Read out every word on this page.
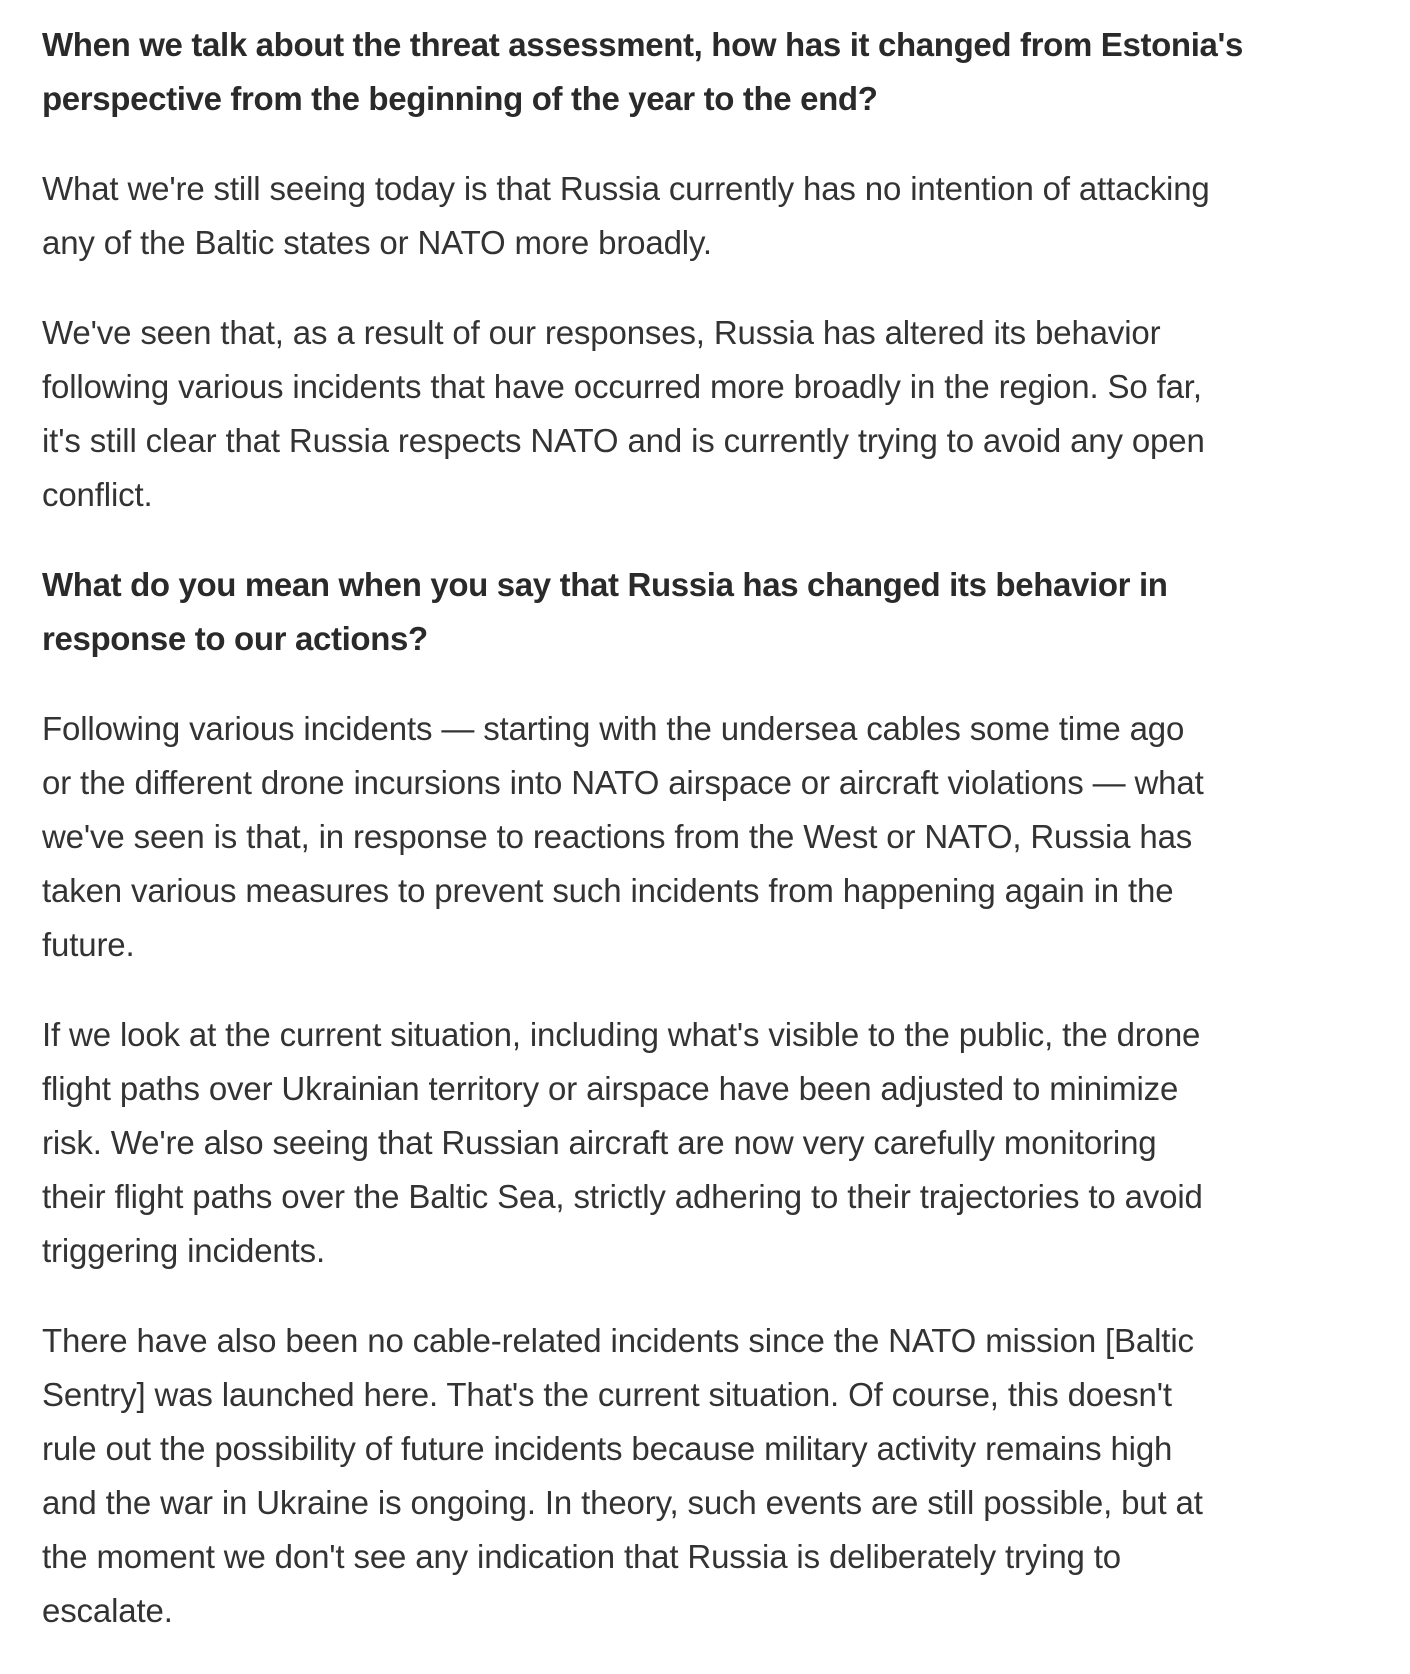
When we talk about the threat assessment, how has it changed from Estonia's
perspective from the beginning of the year to the end?

What we're still seeing today is that Russia currently has no intention of attacking
any of the Baltic states or NATO more broadly.

We've seen that, as a result of our responses, Russia has altered its behavior
following various incidents that have occurred more broadly in the region. So far,
it's still clear that Russia respects NATO and is currently trying to avoid any open
conflict.

What do you mean when you say that Russia has changed its behavior in
response to our actions?

Following various incidents — starting with the undersea cables some time ago
or the different drone incursions into NATO airspace or aircraft violations — what
we've seen is that, in response to reactions from the West or NATO, Russia has
taken various measures to prevent such incidents from happening again in the
future.

If we look at the current situation, including what's visible to the public, the drone
flight paths over Ukrainian territory or airspace have been adjusted to minimize
risk. We're also seeing that Russian aircraft are now very carefully monitoring
their flight paths over the Baltic Sea, strictly adhering to their trajectories to avoid
triggering incidents.

There have also been no cable-related incidents since the NATO mission [Baltic
Sentry] was launched here. That's the current situation. Of course, this doesn't
rule out the possibility of future incidents because military activity remains high
and the war in Ukraine is ongoing. In theory, such events are still possible, but at
the moment we don't see any indication that Russia is deliberately trying to
escalate.
